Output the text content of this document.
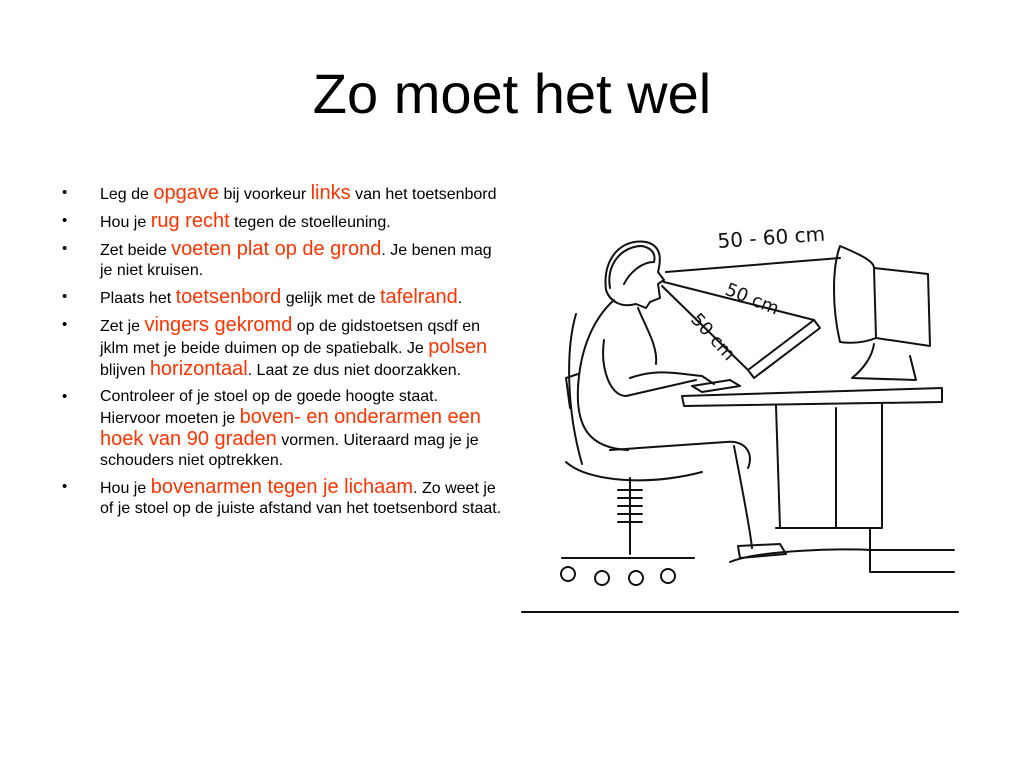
Zo moet het wel
• Leg de opgave bij voorkeur links van het toetsenbord
• Hou je rug recht tegen de stoelleuning.
• Zet beide voeten plat op de grond. Je benen mag je niet kruisen.
• Plaats het toetsenbord gelijk met de tafelrand.
• Zet je vingers gekromd op de gidstoetsen qsdf en jklm met je beide duimen op de spatiebalk. Je polsen blijven horizontaal. Laat ze dus niet doorzakken.
• Controleer of je stoel op de goede hoogte staat. Hiervoor moeten je boven- en onderarmen een hoek van 90 graden vormen. Uiteraard mag je je schouders niet optrekken.
• Hou je bovenarmen tegen je lichaam. Zo weet je of je stoel op de juiste afstand van het toetsenbord staat.
50 - 60 cm
50 cm
50 cm
